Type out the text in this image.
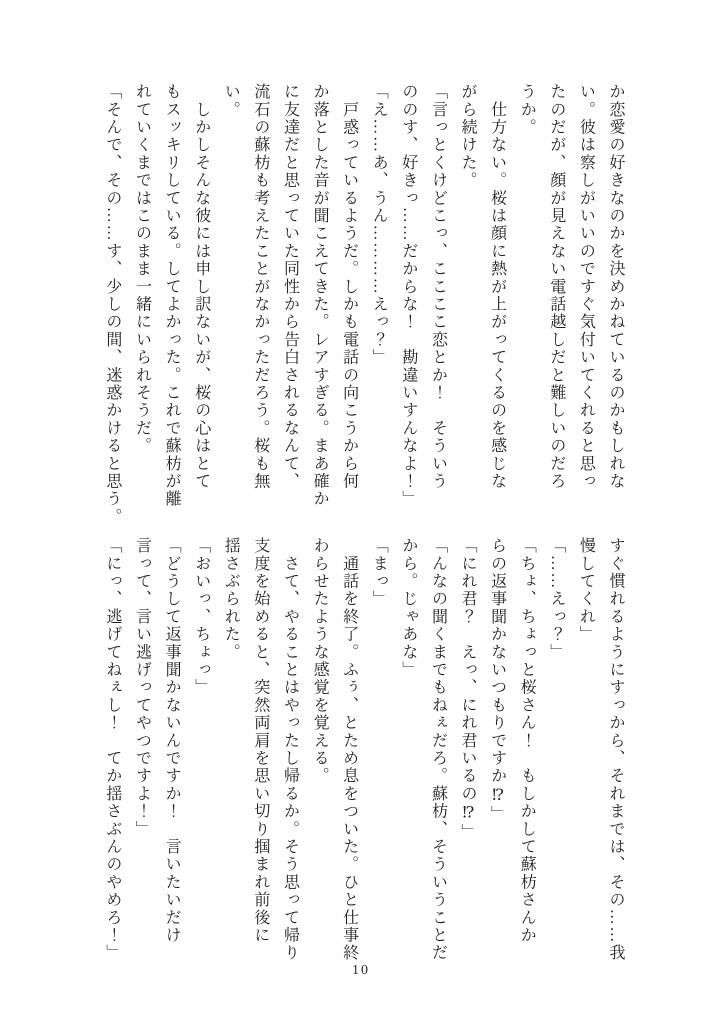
か恋愛の好きなのかを決めかねているのかもしれな
い。彼は察しがいいのですぐ気付いてくれると思っ
たのだが、顔が見えない電話越しだと難しいのだろ
うか。
　仕方ない。桜は顔に熱が上がってくるのを感じな
がら続けた。
「言っとくけどこっ、ここここ恋とか！　そういう
ののす、好きっ……だからな！　勘違いすんなよ！」
「え……あ、うん…………えっ？」
　戸惑っているようだ。しかも電話の向こうから何
か落とした音が聞こえてきた。レアすぎる。まあ確か
に友達だと思っていた同性から告白されるなんて、
流石の蘇枋も考えたことがなかっただろう。桜も無
い。
　しかしそんな彼には申し訳ないが、桜の心はとて
もスッキリしている。してよかった。これで蘇枋が離
れていくまではこのまま一緒にいられそうだ。
「そんで、その……す、少しの間、迷惑かけると思う。
すぐ慣れるようにすっから、それまでは、その……我
慢してくれ」
「……えっ？」
「ちょ、ちょっと桜さん！　もしかして蘇枋さんか
らの返事聞かないつもりですか⁉」
「にれ君？　えっ、にれ君いるの⁉」
「んなの聞くまでもねぇだろ。蘇枋、そういうことだ
から。じゃあな」
「まっ」
　通話を終了。ふぅ、とため息をついた。ひと仕事終
わらせたような感覚を覚える。
　さて、やることはやったし帰るか。そう思って帰り
支度を始めると、突然両肩を思い切り掴まれ前後に
揺さぶられた。
「おいっ、ちょっ」
「どうして返事聞かないんですか！　言いたいだけ
言って、言い逃げってやつですよ！」
「にっ、逃げてねぇし！　てか揺さぶんのやめろ！」
10
